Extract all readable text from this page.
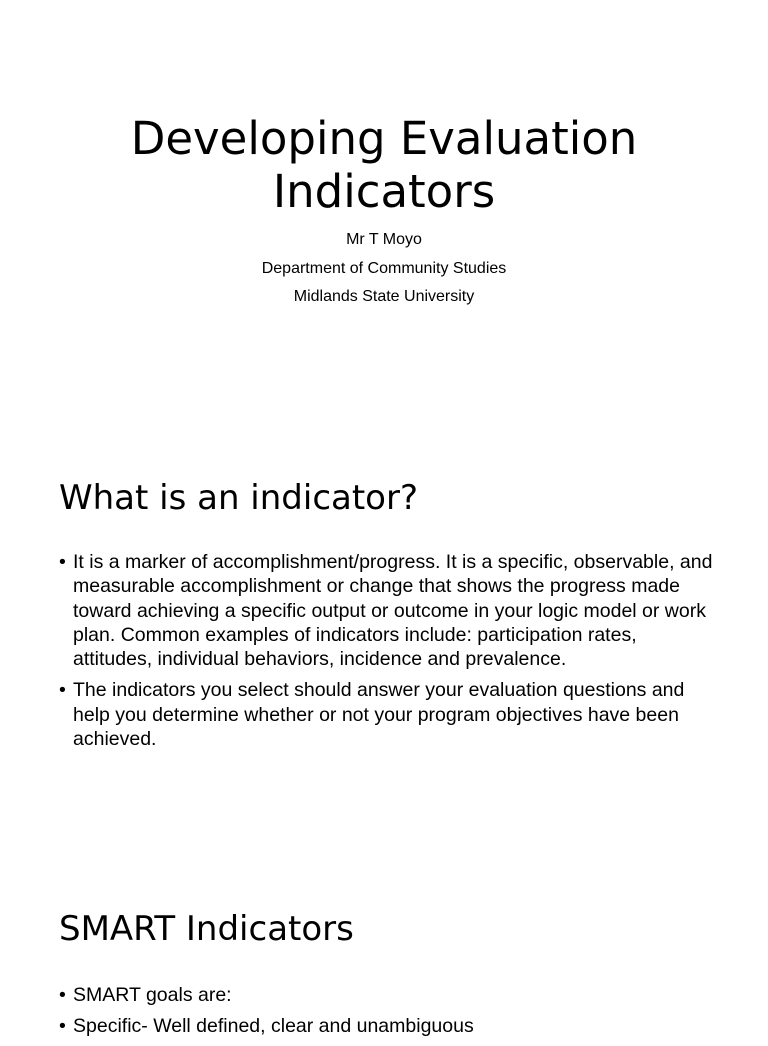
Developing Evaluation
Indicators
Mr T Moyo
Department of Community Studies
Midlands State University
What is an indicator?
• It is a marker of accomplishment/progress. It is a specific, observable, and measurable accomplishment or change that shows the progress made toward achieving a specific output or outcome in your logic model or work plan. Common examples of indicators include: participation rates, attitudes, individual behaviors, incidence and prevalence.
• The indicators you select should answer your evaluation questions and help you determine whether or not your program objectives have been achieved.
SMART Indicators
• SMART goals are:
• Specific- Well defined, clear and unambiguous
